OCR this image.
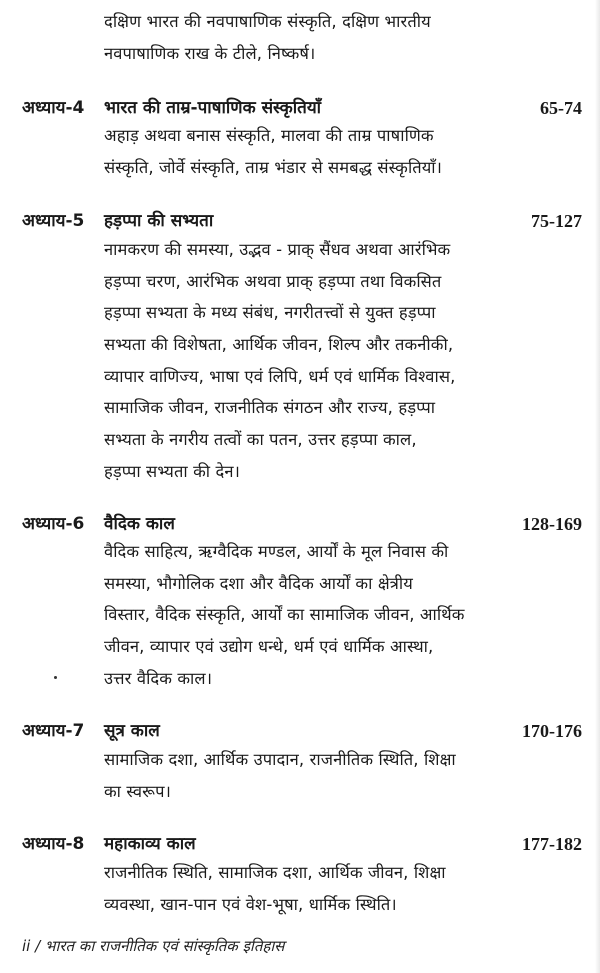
दक्षिण भारत की नवपाषाणिक संस्कृति, दक्षिण भारतीय
नवपाषाणिक राख के टीले, निष्कर्ष।
अध्याय-4 भारत की ताम्र-पाषाणिक संस्कृतियाँ	65-74
अहाड़ अथवा बनास संस्कृति, मालवा की ताम्र पाषाणिक
संस्कृति, जोर्वे संस्कृति, ताम्र भंडार से समबद्ध संस्कृतियाँ।
अध्याय-5 हड़प्पा की सभ्यता	75-127
नामकरण की समस्या, उद्भव - प्राक् सैंधव अथवा आरंभिक
हड़प्पा चरण, आरंभिक अथवा प्राक् हड़प्पा तथा विकसित
हड़प्पा सभ्यता के मध्य संबंध, नगरीतत्त्वों से युक्त हड़प्पा
सभ्यता की विशेषता, आर्थिक जीवन, शिल्प और तकनीकी,
व्यापार वाणिज्य, भाषा एवं लिपि, धर्म एवं धार्मिक विश्वास,
सामाजिक जीवन, राजनीतिक संगठन और राज्य, हड़प्पा
सभ्यता के नगरीय तत्वों का पतन, उत्तर हड़प्पा काल,
हड़प्पा सभ्यता की देन।
अध्याय-6 वैदिक काल	128-169
वैदिक साहित्य, ऋग्वैदिक मण्डल, आर्यों के मूल निवास की
समस्या, भौगोलिक दशा और वैदिक आर्यों का क्षेत्रीय
विस्तार, वैदिक संस्कृति, आर्यों का सामाजिक जीवन, आर्थिक
जीवन, व्यापार एवं उद्योग धन्धे, धर्म एवं धार्मिक आस्था,
उत्तर वैदिक काल।
अध्याय-7 सूत्र काल	170-176
सामाजिक दशा, आर्थिक उपादान, राजनीतिक स्थिति, शिक्षा
का स्वरूप।
अध्याय-8 महाकाव्य काल	177-182
राजनीतिक स्थिति, सामाजिक दशा, आर्थिक जीवन, शिक्षा
व्यवस्था, खान-पान एवं वेश-भूषा, धार्मिक स्थिति।
ii / भारत का राजनीतिक एवं सांस्कृतिक इतिहास
